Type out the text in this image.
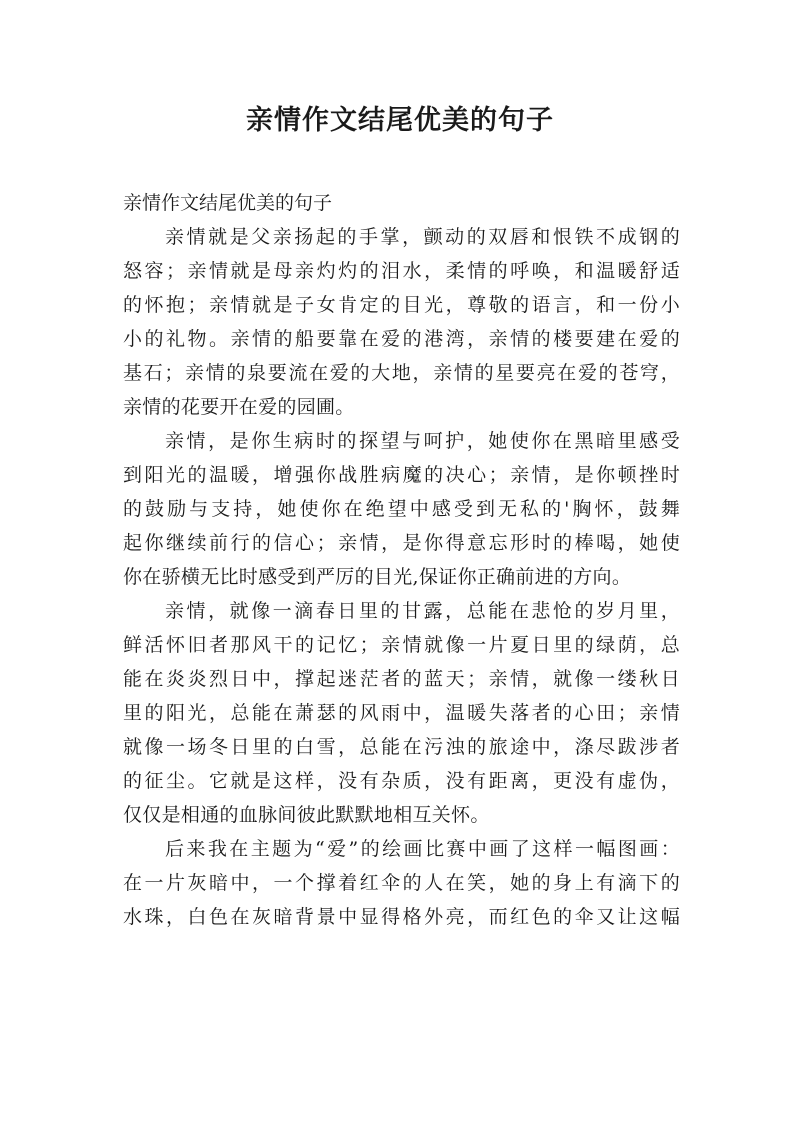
亲情作文结尾优美的句子

亲情作文结尾优美的句子

亲情就是父亲扬起的手掌，颤动的双唇和恨铁不成钢的
怒容；亲情就是母亲灼灼的泪水，柔情的呼唤，和温暖舒适
的怀抱；亲情就是子女肯定的目光，尊敬的语言，和一份小
小的礼物。亲情的船要靠在爱的港湾，亲情的楼要建在爱的
基石；亲情的泉要流在爱的大地，亲情的星要亮在爱的苍穹，
亲情的花要开在爱的园圃。

亲情，是你生病时的探望与呵护，她使你在黑暗里感受
到阳光的温暖，增强你战胜病魔的决心；亲情，是你顿挫时
的鼓励与支持，她使你在绝望中感受到无私的'胸怀，鼓舞
起你继续前行的信心；亲情，是你得意忘形时的棒喝，她使
你在骄横无比时感受到严厉的目光,保证你正确前进的方向。

亲情，就像一滴春日里的甘露，总能在悲怆的岁月里，
鲜活怀旧者那风干的记忆；亲情就像一片夏日里的绿荫，总
能在炎炎烈日中，撑起迷茫者的蓝天；亲情，就像一缕秋日
里的阳光，总能在萧瑟的风雨中，温暖失落者的心田；亲情
就像一场冬日里的白雪，总能在污浊的旅途中，涤尽跋涉者
的征尘。它就是这样，没有杂质，没有距离，更没有虚伪，
仅仅是相通的血脉间彼此默默地相互关怀。

后来我在主题为“爱”的绘画比赛中画了这样一幅图画：
在一片灰暗中，一个撑着红伞的人在笑，她的身上有滴下的
水珠，白色在灰暗背景中显得格外亮，而红色的伞又让这幅
